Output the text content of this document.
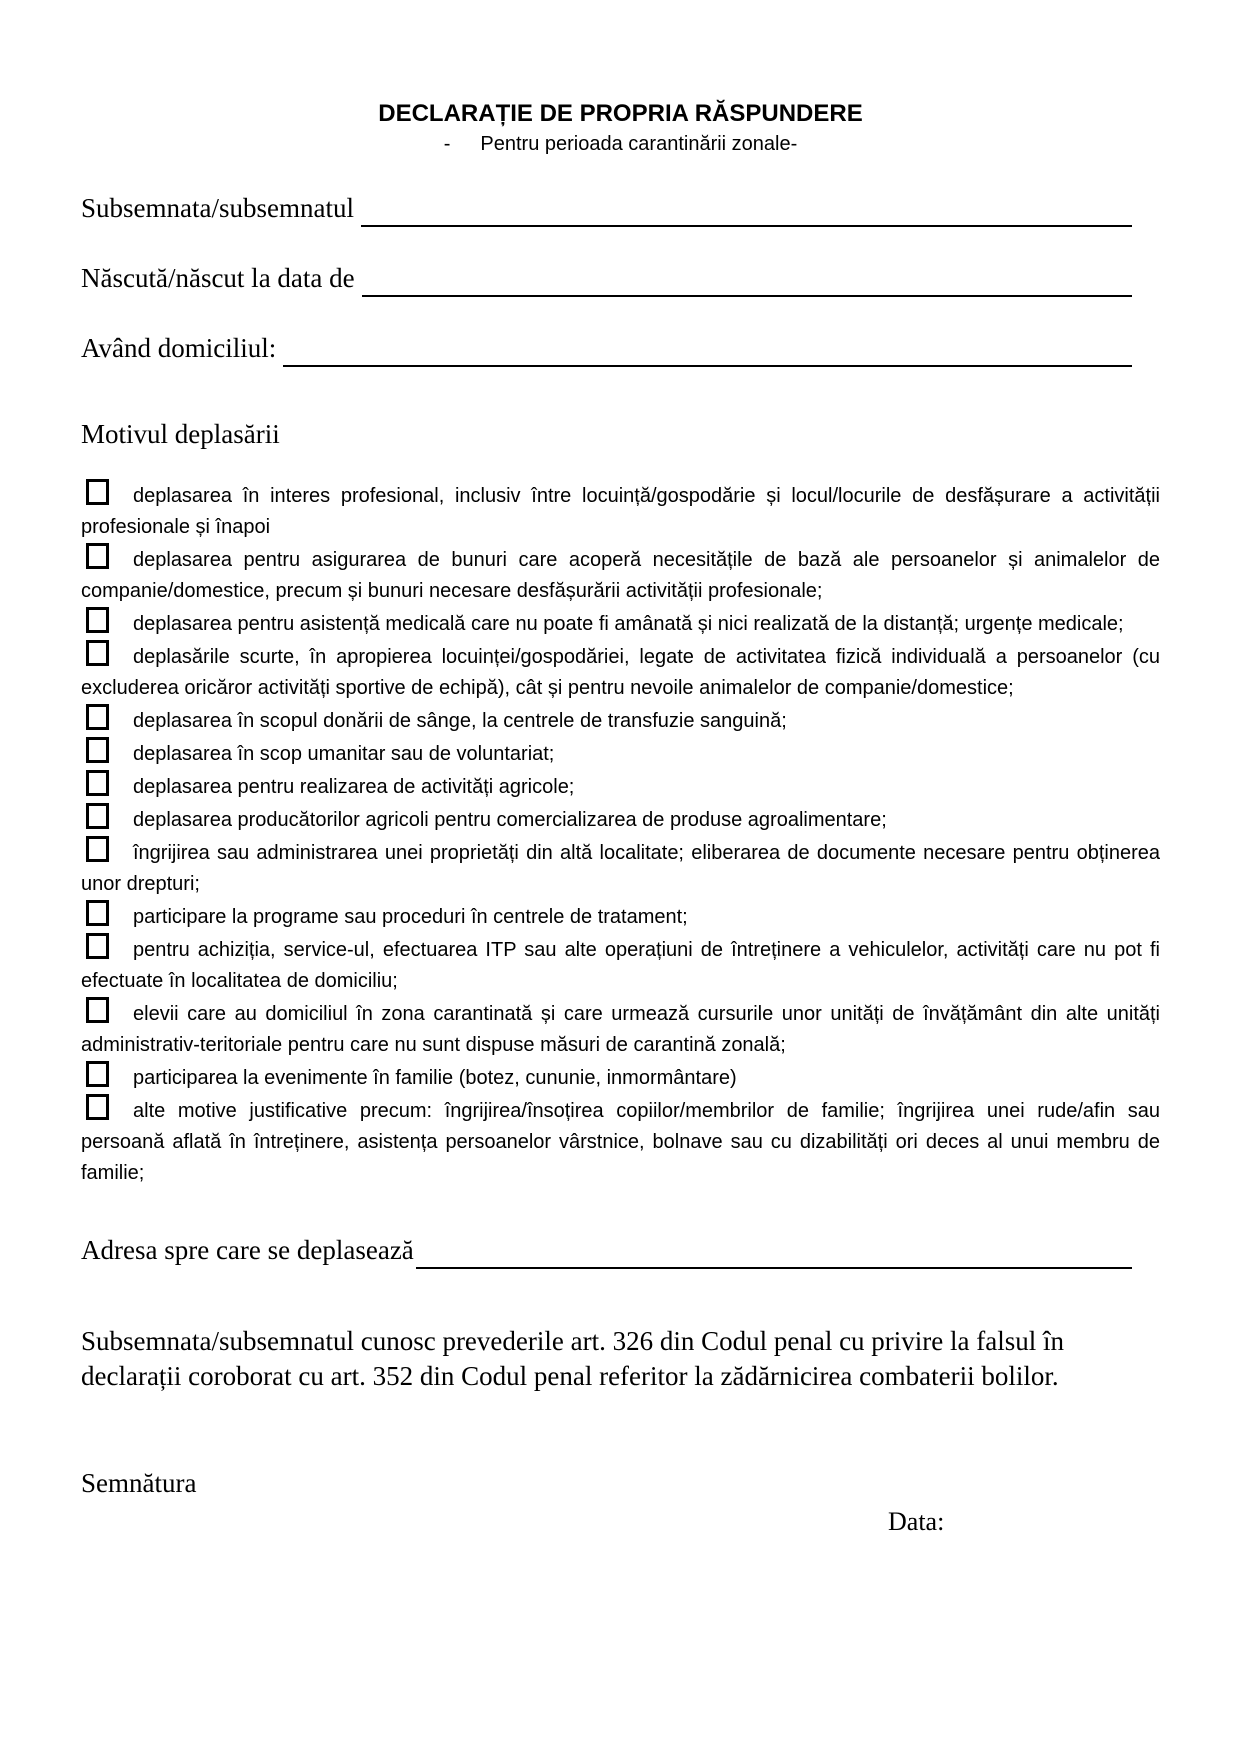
DECLARAȚIE DE PROPRIA RĂSPUNDERE
- Pentru perioada carantinării zonale-
Subsemnata/subsemnatul
Născută/născut la data de
Având domiciliul:
Motivul deplasării

deplasarea în interes profesional, inclusiv între locuință/gospodărie și locul/locurile de desfășurare a activității profesionale și înapoi

deplasarea pentru asigurarea de bunuri care acoperă necesitățile de bază ale persoanelor și animalelor de companie/domestice, precum și bunuri necesare desfășurării activității profesionale;

deplasarea pentru asistență medicală care nu poate fi amânată și nici realizată de la distanță; urgențe medicale;

deplasările scurte, în apropierea locuinței/gospodăriei, legate de activitatea fizică individuală a persoanelor (cu excluderea oricăror activități sportive de echipă), cât și pentru nevoile animalelor de companie/domestice;

deplasarea în scopul donării de sânge, la centrele de transfuzie sanguină;

deplasarea în scop umanitar sau de voluntariat;

deplasarea pentru realizarea de activități agricole;

deplasarea producătorilor agricoli pentru comercializarea de produse agroalimentare;

îngrijirea sau administrarea unei proprietăți din altă localitate; eliberarea de documente necesare pentru obținerea unor drepturi;

participare la programe sau proceduri în centrele de tratament;

pentru achiziția, service-ul, efectuarea ITP sau alte operațiuni de întreținere a vehiculelor, activități care nu pot fi efectuate în localitatea de domiciliu;

elevii care au domiciliul în zona carantinată și care urmează cursurile unor unități de învățământ din alte unități administrativ-teritoriale pentru care nu sunt dispuse măsuri de carantină zonală;

participarea la evenimente în familie (botez, cununie, inmormântare)

alte motive justificative precum: îngrijirea/însoțirea copiilor/membrilor de familie; îngrijirea unei rude/afin sau persoană aflată în întreținere, asistența persoanelor vârstnice, bolnave sau cu dizabilități ori deces al unui membru de familie;

Adresa spre care se deplasează

Subsemnata/subsemnatul cunosc prevederile art. 326 din Codul penal cu privire la falsul în declarații coroborat cu art. 352 din Codul penal referitor la zădărnicirea combaterii bolilor.

Semnătura
Data:
